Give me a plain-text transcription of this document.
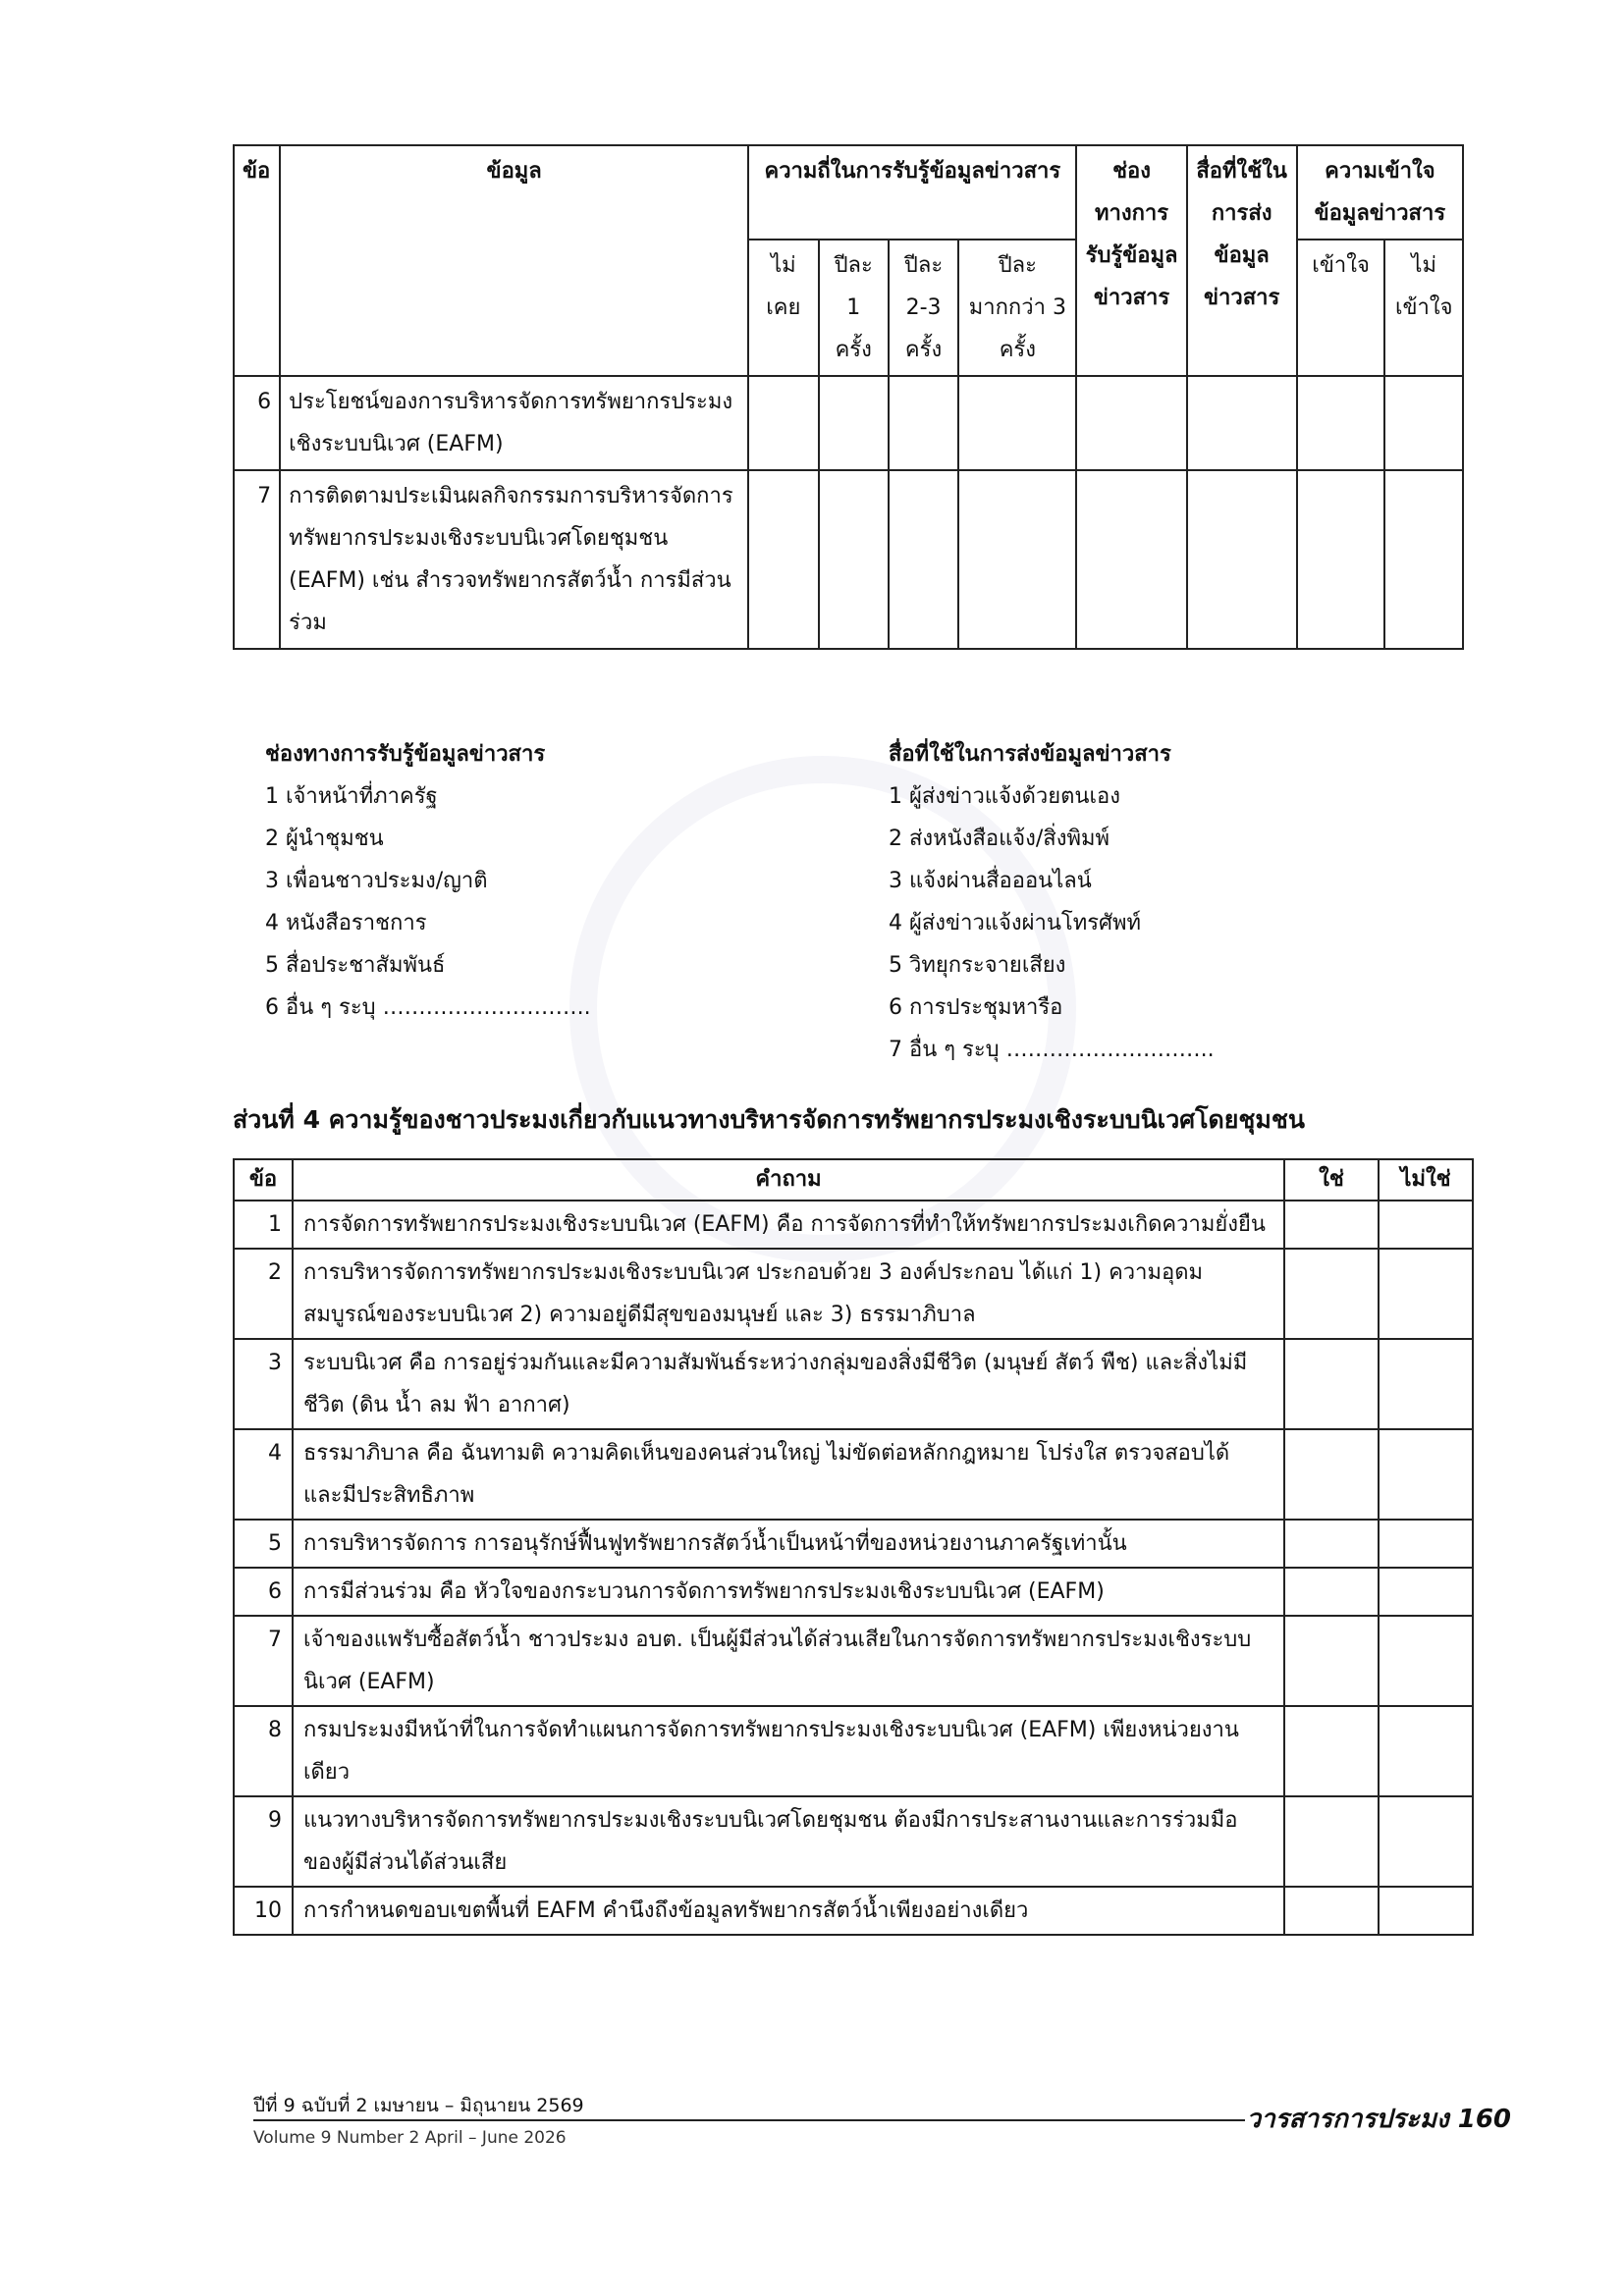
ข้อ	ข้อมูล	ความถี่ในการรับรู้ข้อมูลข่าวสาร				ช่องทางการรับรู้ข้อมูลข่าวสาร	สื่อที่ใช้ในการส่งข้อมูลข่าวสาร	ความเข้าใจข้อมูลข่าวสาร	
		ไม่เคย	ปีละ 1 ครั้ง	ปีละ 2-3 ครั้ง	ปีละ มากกว่า 3 ครั้ง			เข้าใจ	ไม่เข้าใจ
6	ประโยชน์ของการบริหารจัดการทรัพยากรประมงเชิงระบบนิเวศ (EAFM)								
7	การติดตามประเมินผลกิจกรรมการบริหารจัดการทรัพยากรประมงเชิงระบบนิเวศโดยชุมชน (EAFM) เช่น สำรวจทรัพยากรสัตว์น้ำ การมีส่วนร่วม								
ช่องทางการรับรู้ข้อมูลข่าวสาร
1 เจ้าหน้าที่ภาครัฐ
2 ผู้นำชุมชน
3 เพื่อนชาวประมง/ญาติ
4 หนังสือราชการ
5 สื่อประชาสัมพันธ์
6 อื่น ๆ ระบุ ………………………..
สื่อที่ใช้ในการส่งข้อมูลข่าวสาร
1 ผู้ส่งข่าวแจ้งด้วยตนเอง
2 ส่งหนังสือแจ้ง/สิ่งพิมพ์
3 แจ้งผ่านสื่อออนไลน์
4 ผู้ส่งข่าวแจ้งผ่านโทรศัพท์
5 วิทยุกระจายเสียง
6 การประชุมหารือ
7 อื่น ๆ ระบุ ………………………..
ส่วนที่ 4 ความรู้ของชาวประมงเกี่ยวกับแนวทางบริหารจัดการทรัพยากรประมงเชิงระบบนิเวศโดยชุมชน
ข้อ	คำถาม	ใช่	ไม่ใช่
1	การจัดการทรัพยากรประมงเชิงระบบนิเวศ (EAFM) คือ การจัดการที่ทำให้ทรัพยากรประมงเกิดความยั่งยืน		
2	การบริหารจัดการทรัพยากรประมงเชิงระบบนิเวศ ประกอบด้วย 3 องค์ประกอบ ได้แก่ 1) ความอุดมสมบูรณ์ของระบบนิเวศ 2) ความอยู่ดีมีสุขของมนุษย์ และ 3) ธรรมาภิบาล		
3	ระบบนิเวศ คือ การอยู่ร่วมกันและมีความสัมพันธ์ระหว่างกลุ่มของสิ่งมีชีวิต (มนุษย์ สัตว์ พืช) และสิ่งไม่มีชีวิต (ดิน น้ำ ลม ฟ้า อากาศ)		
4	ธรรมาภิบาล คือ ฉันทามติ ความคิดเห็นของคนส่วนใหญ่ ไม่ขัดต่อหลักกฎหมาย โปร่งใส ตรวจสอบได้ และมีประสิทธิภาพ		
5	การบริหารจัดการ การอนุรักษ์ฟื้นฟูทรัพยากรสัตว์น้ำเป็นหน้าที่ของหน่วยงานภาครัฐเท่านั้น		
6	การมีส่วนร่วม คือ หัวใจของกระบวนการจัดการทรัพยากรประมงเชิงระบบนิเวศ (EAFM)		
7	เจ้าของแพรับซื้อสัตว์น้ำ ชาวประมง อบต. เป็นผู้มีส่วนได้ส่วนเสียในการจัดการทรัพยากรประมงเชิงระบบนิเวศ (EAFM)		
8	กรมประมงมีหน้าที่ในการจัดทำแผนการจัดการทรัพยากรประมงเชิงระบบนิเวศ (EAFM) เพียงหน่วยงานเดียว		
9	แนวทางบริหารจัดการทรัพยากรประมงเชิงระบบนิเวศโดยชุมชน ต้องมีการประสานงานและการร่วมมือของผู้มีส่วนได้ส่วนเสีย		
10	การกำหนดขอบเขตพื้นที่ EAFM คำนึงถึงข้อมูลทรัพยากรสัตว์น้ำเพียงอย่างเดียว		
ปีที่ 9 ฉบับที่ 2 เมษายน – มิถุนายน 2569
Volume 9 Number 2 April – June 2026
วารสารการประมง 160
